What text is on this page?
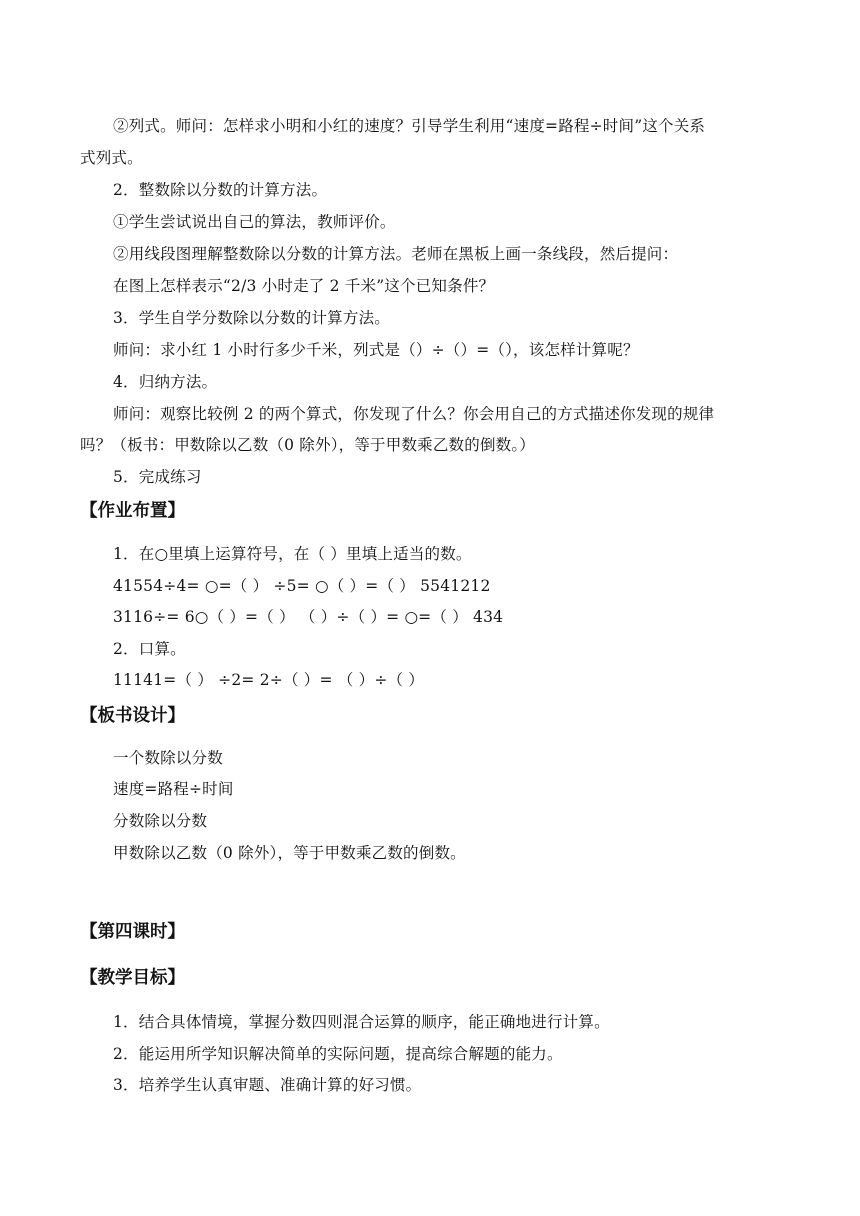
②列式。师问：怎样求小明和小红的速度？引导学生利用“速度=路程÷时间”这个关系
式列式。
2．整数除以分数的计算方法。
①学生尝试说出自己的算法，教师评价。
②用线段图理解整数除以分数的计算方法。老师在黑板上画一条线段，然后提问：
在图上怎样表示“2/3 小时走了 2 千米”这个已知条件？
3．学生自学分数除以分数的计算方法。
师问：求小红 1 小时行多少千米，列式是（）÷（）=（），该怎样计算呢？
4．归纳方法。
师问：观察比较例 2 的两个算式，你发现了什么？你会用自己的方式描述你发现的规律
吗？（板书：甲数除以乙数（0 除外），等于甲数乘乙数的倒数。）
5．完成练习
【作业布置】
1．在○里填上运算符号，在（ ）里填上适当的数。
41554÷4= ○=（ ） ÷5= ○（ ）=（ ） 5541212
3116÷= 6○（ ）=（ ） （ ）÷（ ）= ○=（ ） 434
2．口算。
11141=（ ） ÷2= 2÷（ ）= （ ）÷（ ）
【板书设计】
一个数除以分数
速度=路程÷时间
分数除以分数
甲数除以乙数（0 除外），等于甲数乘乙数的倒数。
【第四课时】
【教学目标】
1．结合具体情境，掌握分数四则混合运算的顺序，能正确地进行计算。
2．能运用所学知识解决简单的实际问题，提高综合解题的能力。
3．培养学生认真审题、准确计算的好习惯。
